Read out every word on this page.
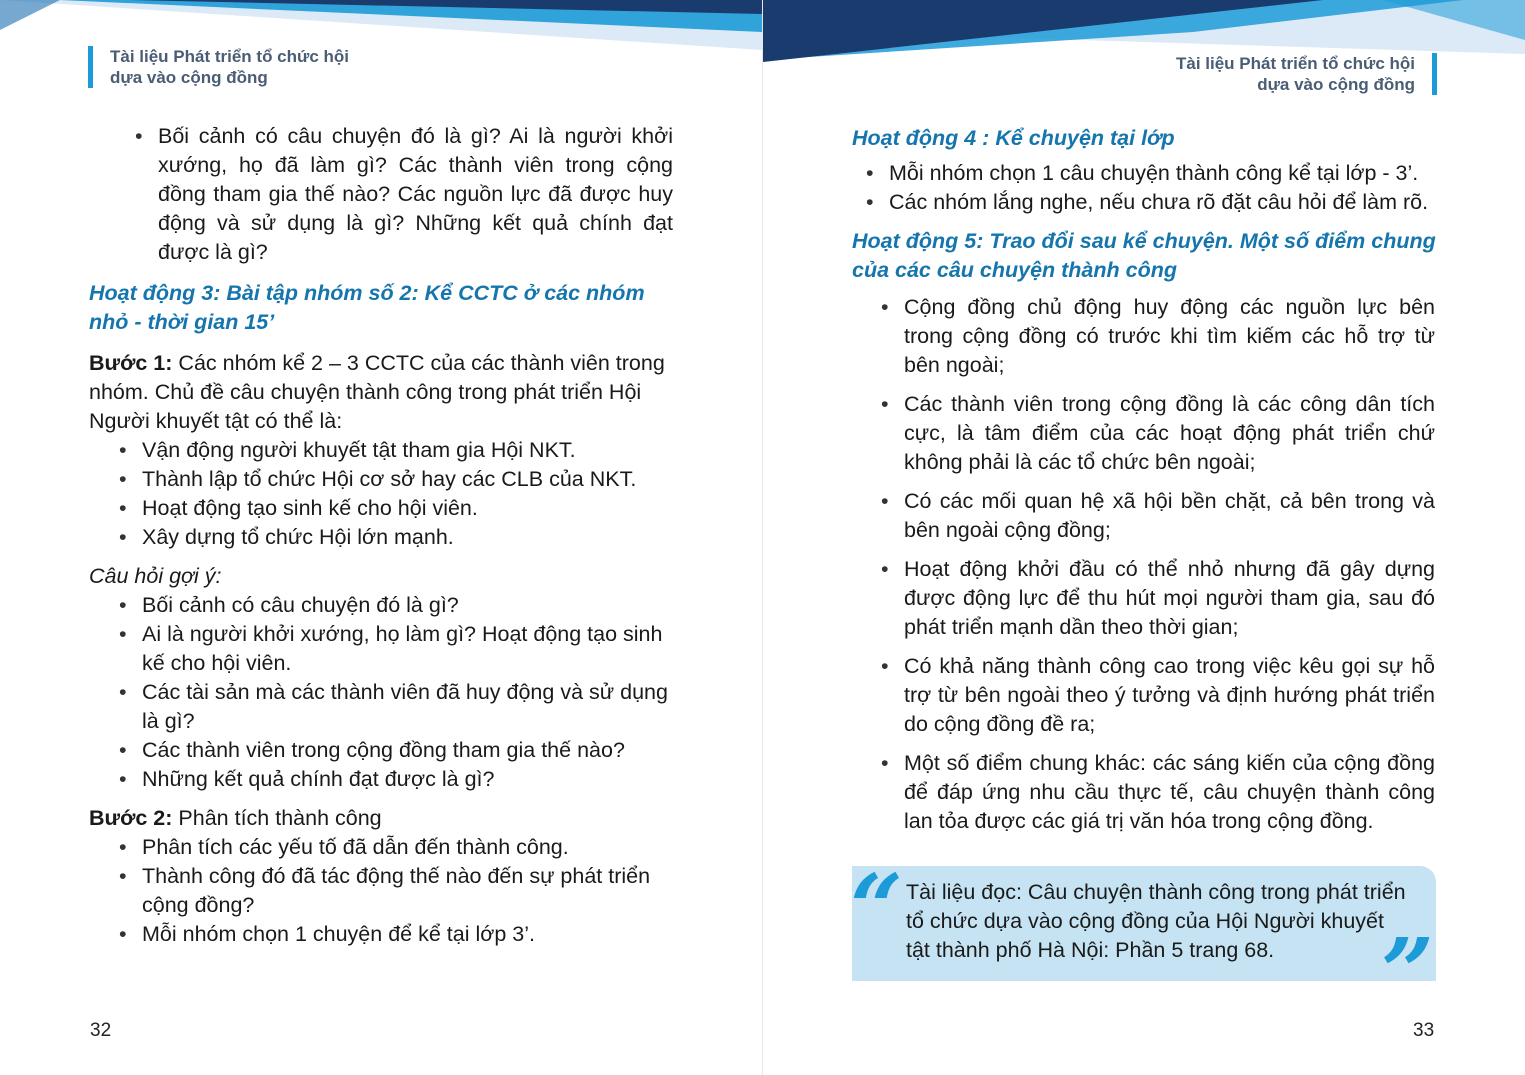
Tài liệu Phát triển tổ chức hội
dựa vào cộng đồng
• Bối cảnh có câu chuyện đó là gì? Ai là người khởi xướng, họ đã làm gì? Các thành viên trong cộng đồng tham gia thế nào? Các nguồn lực đã được huy động và sử dụng là gì? Những kết quả chính đạt được là gì?

Hoạt động 3: Bài tập nhóm số 2: Kể CCTC ở các nhóm nhỏ - thời gian 15’

Bước 1: Các nhóm kể 2 – 3 CCTC của các thành viên trong nhóm. Chủ đề câu chuyện thành công trong phát triển Hội Người khuyết tật có thể là:

• Vận động người khuyết tật tham gia Hội NKT.
• Thành lập tổ chức Hội cơ sở hay các CLB của NKT.
• Hoạt động tạo sinh kế cho hội viên.
• Xây dựng tổ chức Hội lớn mạnh.

Câu hỏi gợi ý:

• Bối cảnh có câu chuyện đó là gì?
• Ai là người khởi xướng, họ làm gì? Hoạt động tạo sinh kế cho hội viên.
• Các tài sản mà các thành viên đã huy động và sử dụng là gì?
• Các thành viên trong cộng đồng tham gia thế nào?
• Những kết quả chính đạt được là gì?

Bước 2: Phân tích thành công

• Phân tích các yếu tố đã dẫn đến thành công.
• Thành công đó đã tác động thế nào đến sự phát triển cộng đồng?
• Mỗi nhóm chọn 1 chuyện để kể tại lớp 3’.
32
Tài liệu Phát triển tổ chức hội
dựa vào cộng đồng

Hoạt động 4 : Kể chuyện tại lớp

• Mỗi nhóm chọn 1 câu chuyện thành công kể tại lớp - 3’.
• Các nhóm lắng nghe, nếu chưa rõ đặt câu hỏi để làm rõ.

Hoạt động 5: Trao đổi sau kể chuyện. Một số điểm chung của các câu chuyện thành công

• Cộng đồng chủ động huy động các nguồn lực bên trong cộng đồng có trước khi tìm kiếm các hỗ trợ từ bên ngoài;
• Các thành viên trong cộng đồng là các công dân tích cực, là tâm điểm của các hoạt động phát triển chứ không phải là các tổ chức bên ngoài;
• Có các mối quan hệ xã hội bền chặt, cả bên trong và bên ngoài cộng đồng;
• Hoạt động khởi đầu có thể nhỏ nhưng đã gây dựng được động lực để thu hút mọi người tham gia, sau đó phát triển mạnh dần theo thời gian;
• Có khả năng thành công cao trong việc kêu gọi sự hỗ trợ từ bên ngoài theo ý tưởng và định hướng phát triển do cộng đồng đề ra;
• Một số điểm chung khác: các sáng kiến của cộng đồng để đáp ứng nhu cầu thực tế, câu chuyện thành công lan tỏa được các giá trị văn hóa trong cộng đồng.
“ Tài liệu đọc: Câu chuyện thành công trong phát triển tổ chức dựa vào cộng đồng của Hội Người khuyết tật thành phố Hà Nội: Phần 5 trang 68.	”
33
